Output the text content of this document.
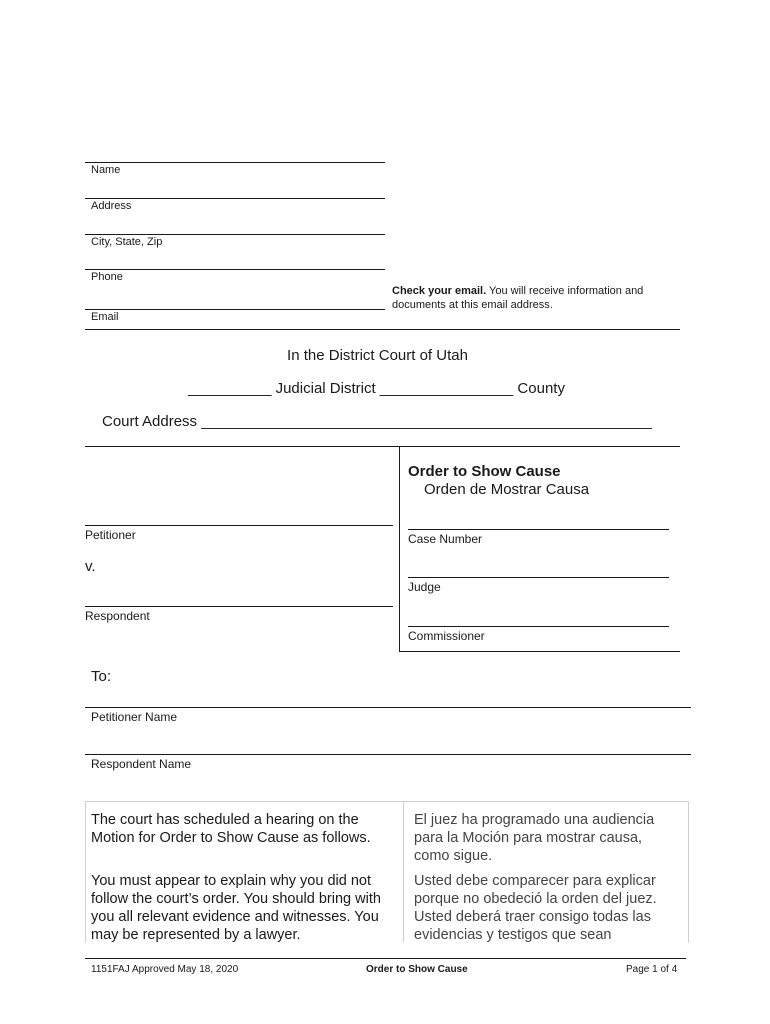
Name
Address
City, State, Zip
Phone
Check your email. You will receive information and
documents at this email address.
Email
In the District Court of Utah
__________ Judicial District ________________ County
Court Address ______________________________________________________
Order to Show Cause
Orden de Mostrar Causa
Petitioner
v.
Respondent
Case Number
Judge
Commissioner
To:
Petitioner Name
Respondent Name
The court has scheduled a hearing on the
Motion for Order to Show Cause as follows.
El juez ha programado una audiencia
para la Moción para mostrar causa,
como sigue.
You must appear to explain why you did not
follow the court’s order. You should bring with
you all relevant evidence and witnesses. You
may be represented by a lawyer.
Usted debe comparecer para explicar
porque no obedeció la orden del juez.
Usted deberá traer consigo todas las
evidencias y testigos que sean
1151FAJ Approved May 18, 2020	Order to Show Cause	Page 1 of 4
